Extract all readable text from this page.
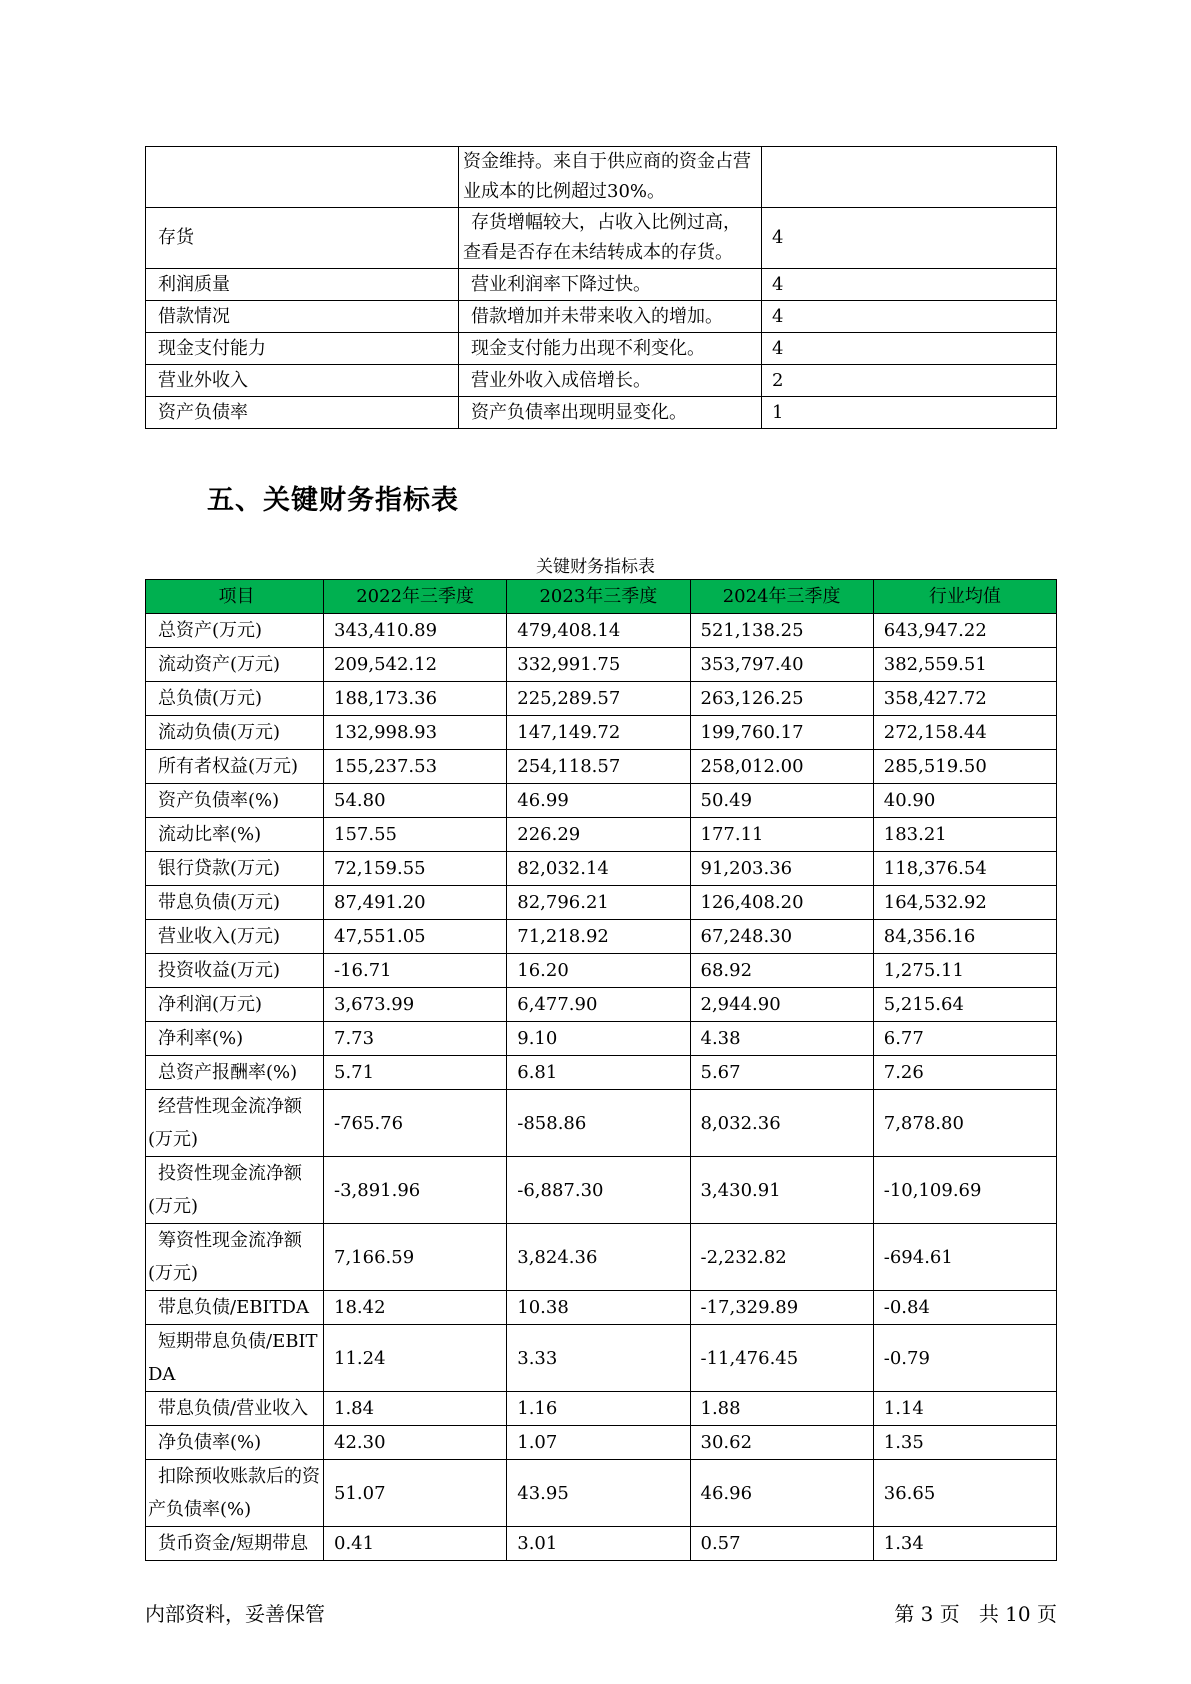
	资金维持。来自于供应商的资金占营业成本的比例超过30%。	
存货	存货增幅较大，占收入比例过高，查看是否存在未结转成本的存货。	4
利润质量	营业利润率下降过快。	4
借款情况	借款增加并未带来收入的增加。	4
现金支付能力	现金支付能力出现不利变化。	4
营业外收入	营业外收入成倍增长。	2
资产负债率	资产负债率出现明显变化。	1
五、关键财务指标表
关键财务指标表
项目	2022年三季度	2023年三季度	2024年三季度	行业均值
总资产(万元)	343,410.89	479,408.14	521,138.25	643,947.22
流动资产(万元)	209,542.12	332,991.75	353,797.40	382,559.51
总负债(万元)	188,173.36	225,289.57	263,126.25	358,427.72
流动负债(万元)	132,998.93	147,149.72	199,760.17	272,158.44
所有者权益(万元)	155,237.53	254,118.57	258,012.00	285,519.50
资产负债率(%)	54.80	46.99	50.49	40.90
流动比率(%)	157.55	226.29	177.11	183.21
银行贷款(万元)	72,159.55	82,032.14	91,203.36	118,376.54
带息负债(万元)	87,491.20	82,796.21	126,408.20	164,532.92
营业收入(万元)	47,551.05	71,218.92	67,248.30	84,356.16
投资收益(万元)	-16.71	16.20	68.92	1,275.11
净利润(万元)	3,673.99	6,477.90	2,944.90	5,215.64
净利率(%)	7.73	9.10	4.38	6.77
总资产报酬率(%)	5.71	6.81	5.67	7.26
经营性现金流净额(万元)	-765.76	-858.86	8,032.36	7,878.80
投资性现金流净额(万元)	-3,891.96	-6,887.30	3,430.91	-10,109.69
筹资性现金流净额(万元)	7,166.59	3,824.36	-2,232.82	-694.61
带息负债/EBITDA	18.42	10.38	-17,329.89	-0.84
短期带息负债/EBITDA	11.24	3.33	-11,476.45	-0.79
带息负债/营业收入	1.84	1.16	1.88	1.14
净负债率(%)	42.30	1.07	30.62	1.35
扣除预收账款后的资产负债率(%)	51.07	43.95	46.96	36.65
货币资金/短期带息	0.41	3.01	0.57	1.34
内部资料，妥善保管	第 3 页   共 10 页
